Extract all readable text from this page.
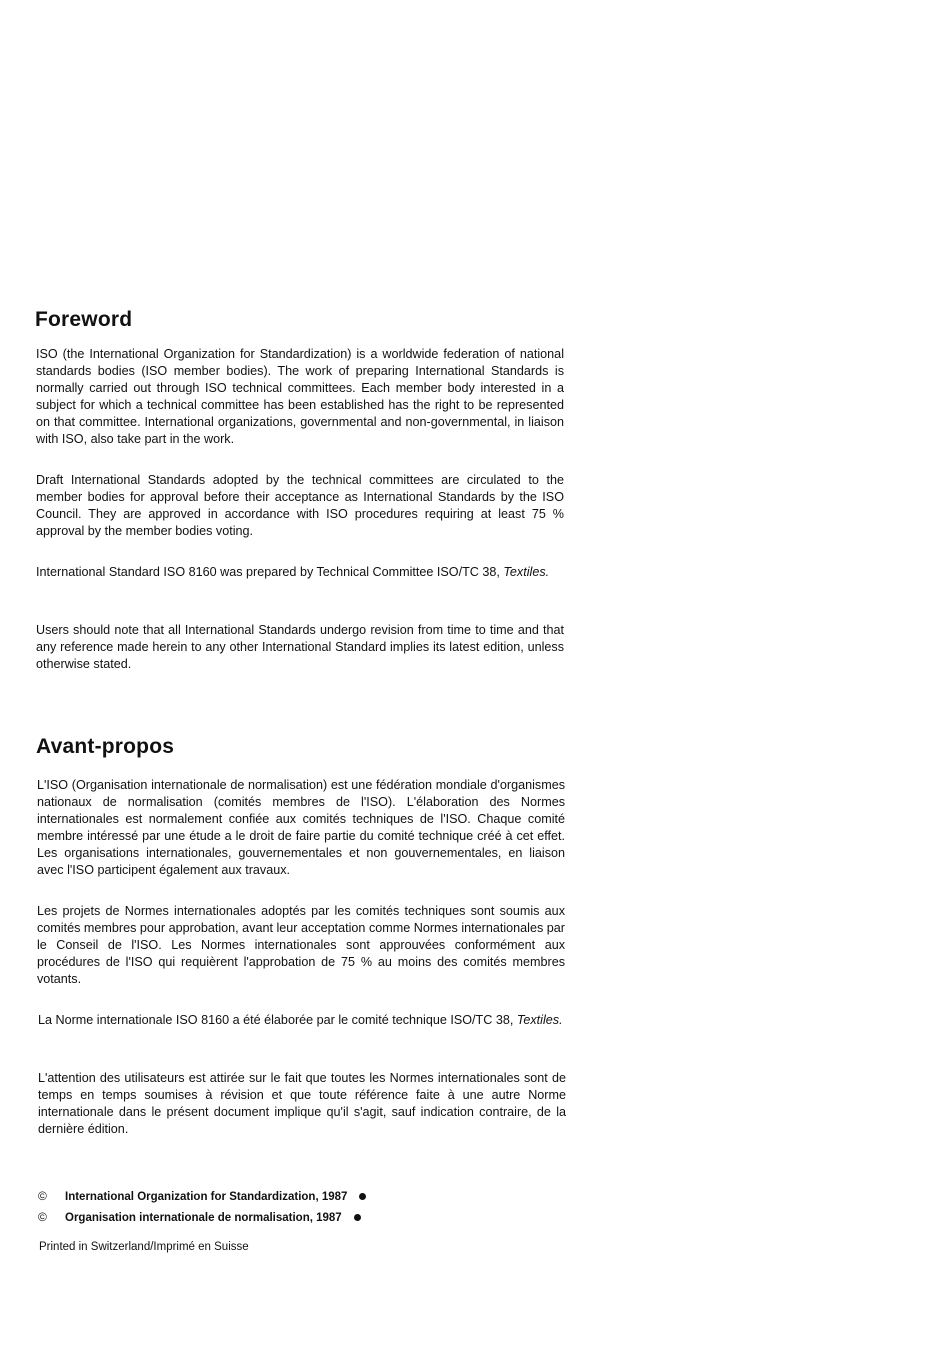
Foreword

ISO (the International Organization for Standardization) is a worldwide federation of national standards bodies (ISO member bodies). The work of preparing International Standards is normally carried out through ISO technical committees. Each member body interested in a subject for which a technical committee has been established has the right to be represented on that committee. International organizations, governmental and non-governmental, in liaison with ISO, also take part in the work.

Draft International Standards adopted by the technical committees are circulated to the member bodies for approval before their acceptance as International Standards by the ISO Council. They are approved in accordance with ISO procedures requiring at least 75 % approval by the member bodies voting.

International Standard ISO 8160 was prepared by Technical Committee ISO/TC 38, Textiles.

Users should note that all International Standards undergo revision from time to time and that any reference made herein to any other International Standard implies its latest edition, unless otherwise stated.

Avant-propos

L'ISO (Organisation internationale de normalisation) est une fédération mondiale d'organismes nationaux de normalisation (comités membres de l'ISO). L'élaboration des Normes internationales est normalement confiée aux comités techniques de l'ISO. Chaque comité membre intéressé par une étude a le droit de faire partie du comité technique créé à cet effet. Les organisations internationales, gouvernementales et non gouvernementales, en liaison avec l'ISO participent également aux travaux.

Les projets de Normes internationales adoptés par les comités techniques sont soumis aux comités membres pour approbation, avant leur acceptation comme Normes internationales par le Conseil de l'ISO. Les Normes internationales sont approuvées conformément aux procédures de l'ISO qui requièrent l'approbation de 75 % au moins des comités membres votants.

La Norme internationale ISO 8160 a été élaborée par le comité technique ISO/TC 38, Textiles.

L'attention des utilisateurs est attirée sur le fait que toutes les Normes internationales sont de temps en temps soumises à révision et que toute référence faite à une autre Norme internationale dans le présent document implique qu'il s'agit, sauf indication contraire, de la dernière édition.

© International Organization for Standardization, 1987
© Organisation internationale de normalisation, 1987
Printed in Switzerland/Imprimé en Suisse
